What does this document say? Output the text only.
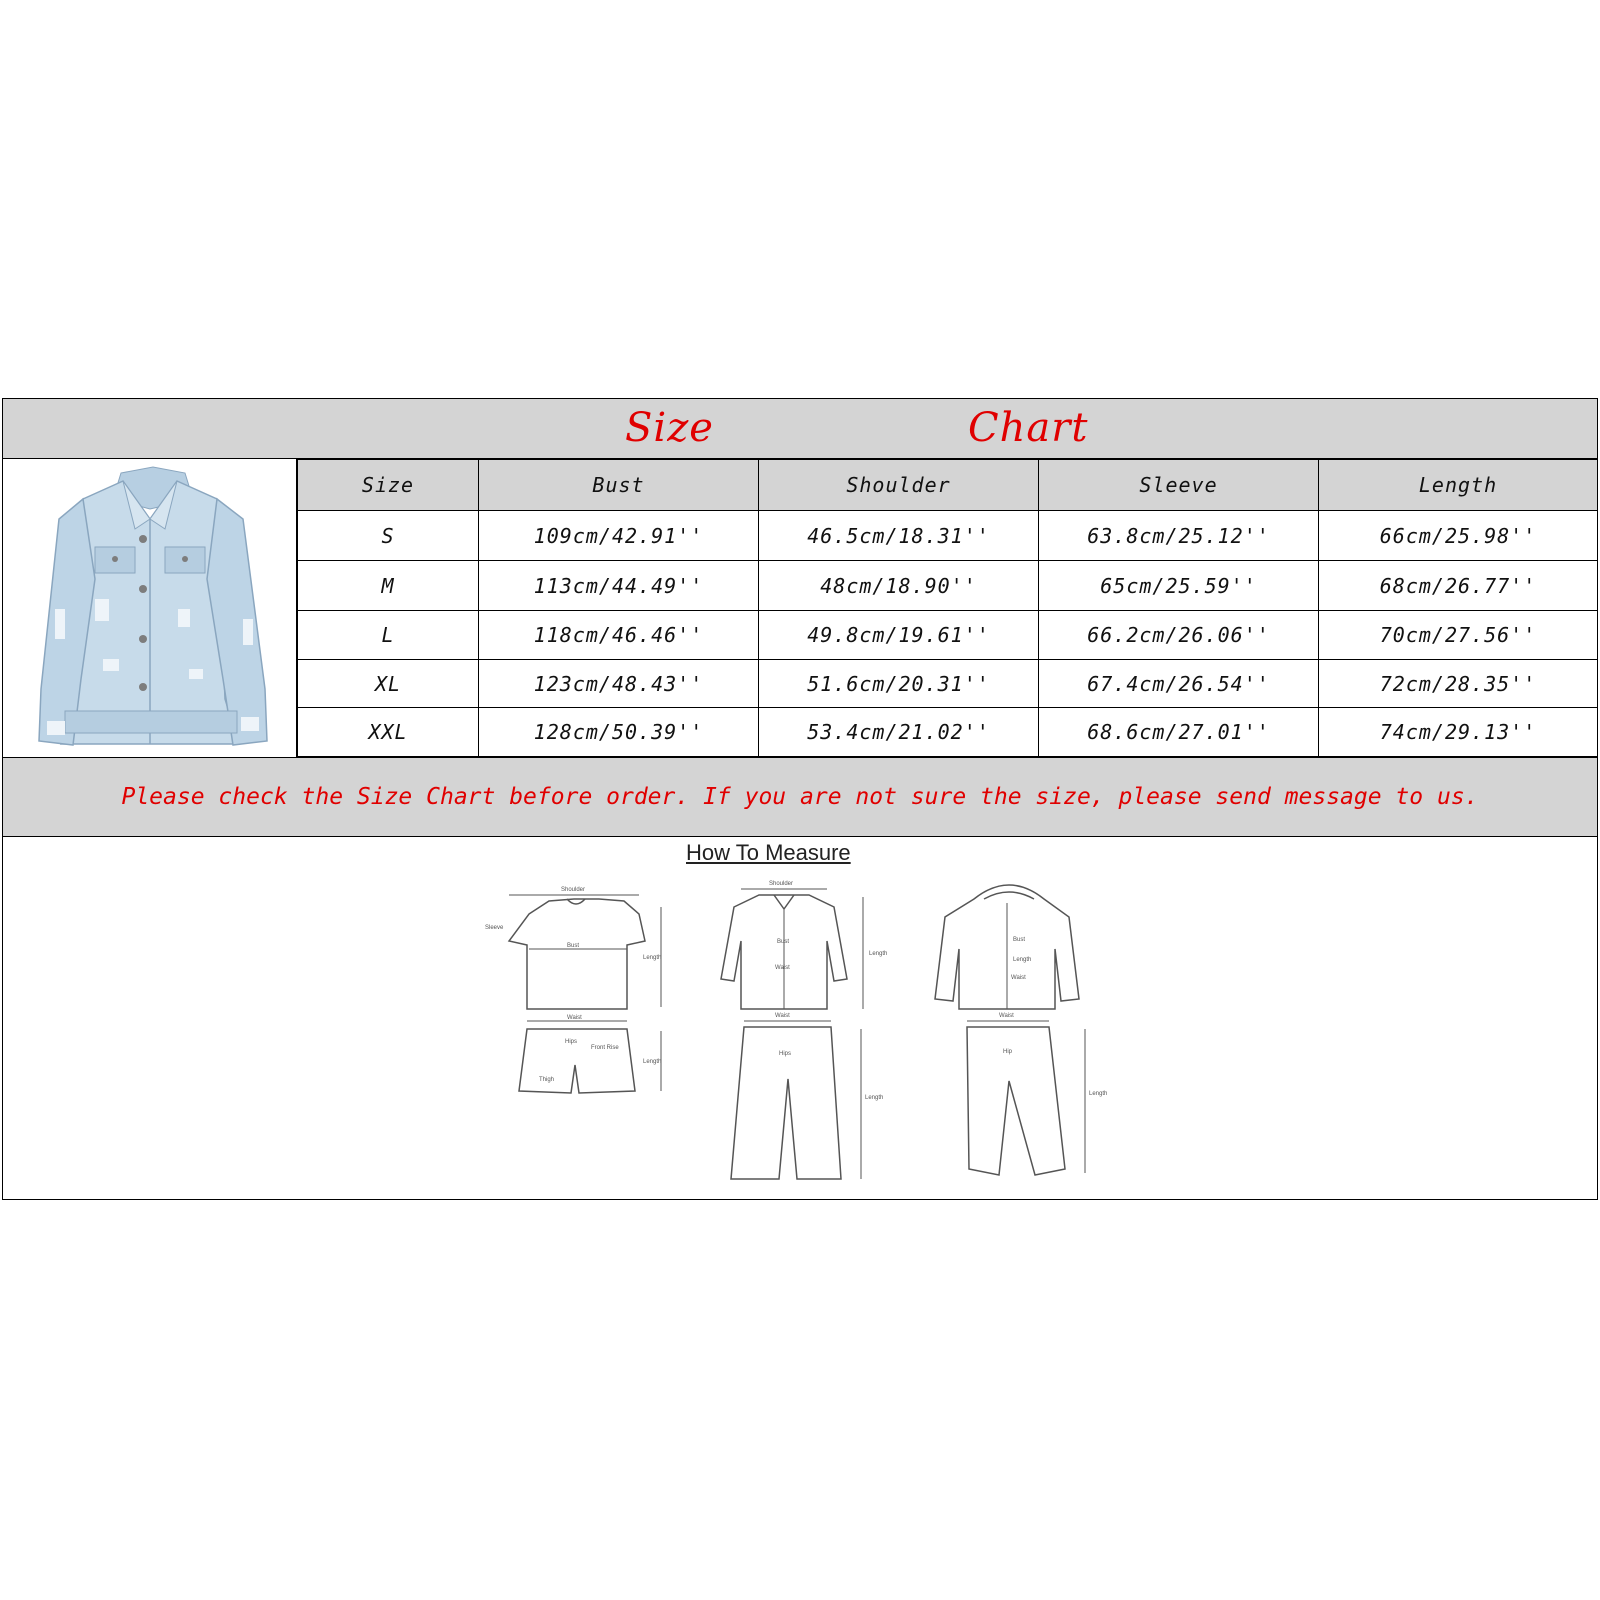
Size	Chart
Size	Bust	Shoulder	Sleeve	Length
S	109cm/42.91''	46.5cm/18.31''	63.8cm/25.12''	66cm/25.98''
M	113cm/44.49''	48cm/18.90''	65cm/25.59''	68cm/26.77''
L	118cm/46.46''	49.8cm/19.61''	66.2cm/26.06''	70cm/27.56''
XL	123cm/48.43''	51.6cm/20.31''	67.4cm/26.54''	72cm/28.35''
XXL	128cm/50.39''	53.4cm/21.02''	68.6cm/27.01''	74cm/29.13''
Please check the Size Chart before order. If you are not sure the size, please send message to us.
How To Measure
Shoulder
Bust
Sleeve
Length
Waist
Hips
Front Rise
Thigh
Length
Shoulder
Bust
Waist
Length
Waist
Hips
Length
Bust
Length
Waist
Waist
Hip
Length
